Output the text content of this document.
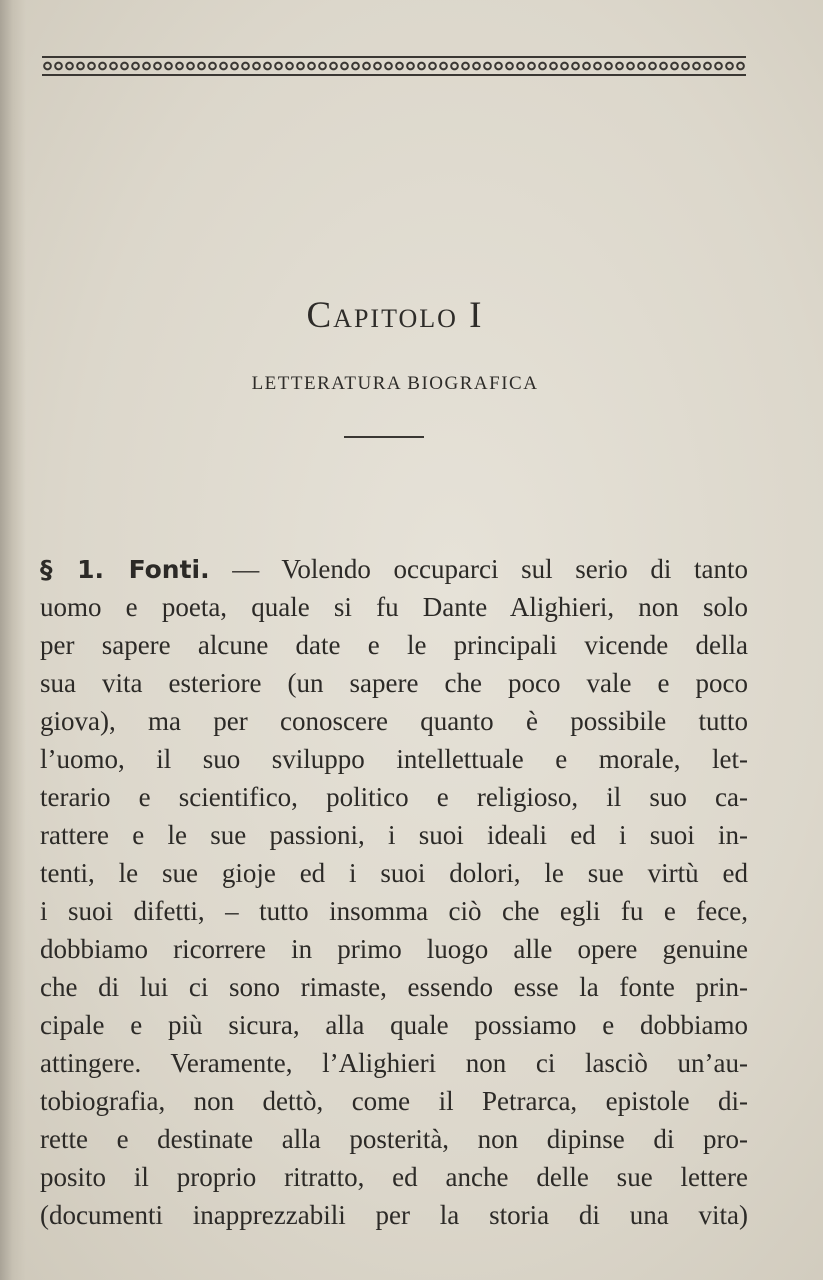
Capitolo I
LETTERATURA BIOGRAFICA
§ 1. Fonti. — Volendo occuparci sul serio di tanto
uomo e poeta, quale si fu Dante Alighieri, non solo
per sapere alcune date e le principali vicende della
sua vita esteriore (un sapere che poco vale e poco
giova), ma per conoscere quanto è possibile tutto
l’uomo, il suo sviluppo intellettuale e morale, let-
terario e scientifico, politico e religioso, il suo ca-
rattere e le sue passioni, i suoi ideali ed i suoi in-
tenti, le sue gioje ed i suoi dolori, le sue virtù ed
i suoi difetti, – tutto insomma ciò che egli fu e fece,
dobbiamo ricorrere in primo luogo alle opere genuine
che di lui ci sono rimaste, essendo esse la fonte prin-
cipale e più sicura, alla quale possiamo e dobbiamo
attingere. Veramente, l’Alighieri non ci lasciò un’au-
tobiografia, non dettò, come il Petrarca, epistole di-
rette e destinate alla posterità, non dipinse di pro-
posito il proprio ritratto, ed anche delle sue lettere
(documenti inapprezzabili per la storia di una vita)
